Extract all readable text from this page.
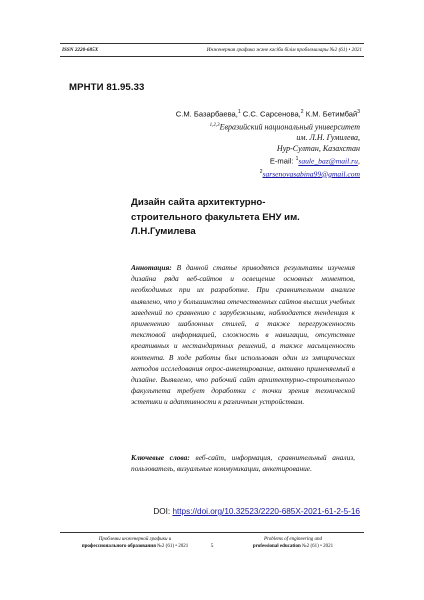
ISSN 2220-685X	Инженерная графика және кәсіби білім проблемалары №2 (61) • 2021
МРНТИ 81.95.33
С.М. Базарбаева,$^1$ С.С. Сарсенова,$^2$ К.М. Бетимбай$^3$
$^{1,2,3}$Евразийский национальный университет
им. Л.Н. Гумилева,
Нур-Султан, Казахстан
E-mail: $^1$saule_baz@mail.ru,
$^2$sarsenovasabina99@gmail.com
Дизайн сайта архитектурно-
строительного факультета ЕНУ им.
Л.Н.Гумилева
Аннотация: В данной статье приводятся результаты изучения дизайна ряда веб-сайтов и освещение основных моментов, необходимых при их разработке. При сравнительном анализе выявлено, что у большинства отечественных сайтов высших учебных заведений по сравнению с зарубежными, наблюдается тенденция к применению шаблонных стилей, а также перегруженность текстовой информацией, сложность в навигации, отсутствие креативных и нестандартных решений, а также насыщенность контента. В ходе работы был использован один из эмпирических методов исследования опрос-анкетирование, активно применяемый в дизайне. Выявлено, что рабочий сайт архитектурно-строительного факультета требует доработки с точки зрения технической эстетики и адаптивности к различным устройствам.
Ключевые слова: веб-сайт, информация, сравнительный анализ, пользователь, визуальные коммуникации, анкетирование.
DOI: https://doi.org/10.32523/2220-685X-2021-61-2-5-16
Проблемы инженерной графики и
профессионального образования №2 (61) • 2021	5
Problems of engineering and
professional education №2 (61) • 2021
